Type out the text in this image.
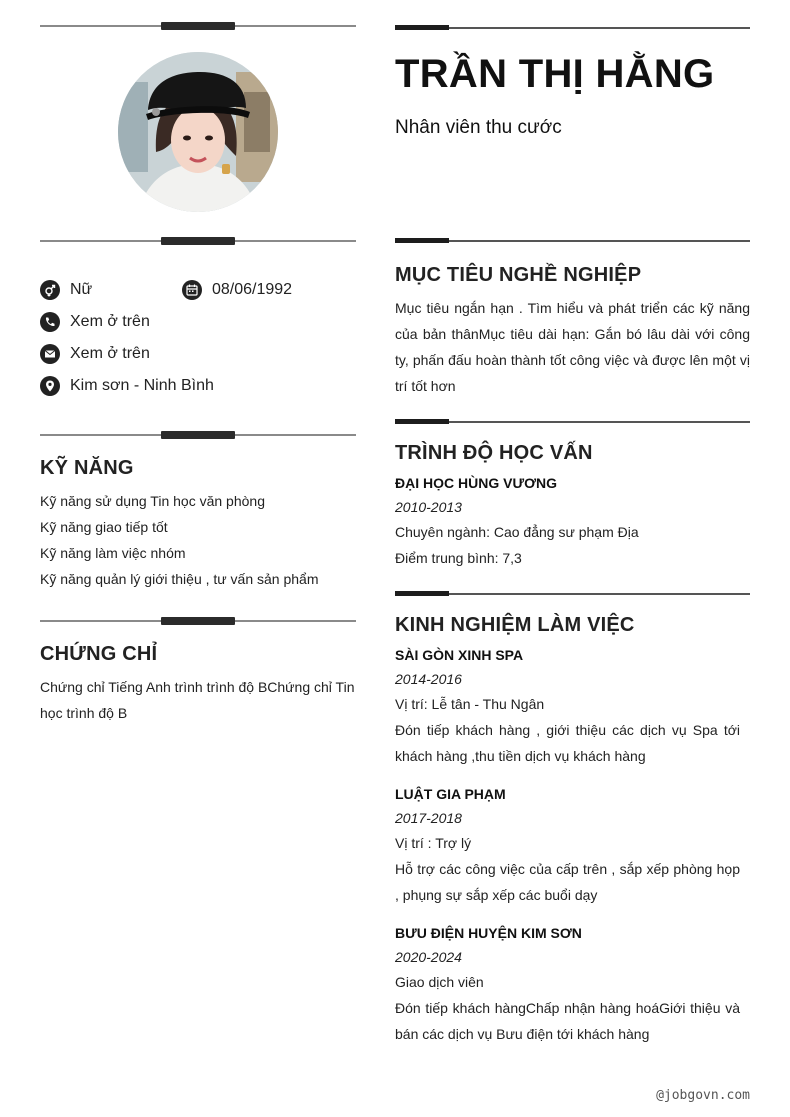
Nữ	08/06/1992
Xem ở trên
Xem ở trên
Kim sơn - Ninh Bình
KỸ NĂNG
Kỹ năng sử dụng Tin học văn phòng
Kỹ năng giao tiếp tốt
Kỹ năng làm việc nhóm
Kỹ năng quản lý giới thiệu , tư vấn sản phẩm
CHỨNG CHỈ
Chứng chỉ Tiếng Anh trình trình độ BChứng chỉ Tin học trình độ B
TRẦN THỊ HẰNG
Nhân viên thu cước
MỤC TIÊU NGHỀ NGHIỆP
Mục tiêu ngắn hạn . Tìm hiểu và phát triển các kỹ năng của bản thânMục tiêu dài hạn: Gắn bó lâu dài với công ty, phấn đấu hoàn thành tốt công việc và được lên một vị trí tốt hơn
TRÌNH ĐỘ HỌC VẤN
ĐẠI HỌC HÙNG VƯƠNG
2010-2013
Chuyên ngành: Cao đẳng sư phạm Địa
Điểm trung bình: 7,3
KINH NGHIỆM LÀM VIỆC
SÀI GÒN XINH SPA
2014-2016
Vị trí: Lễ tân - Thu Ngân
Đón tiếp khách hàng , giới thiệu các dịch vụ Spa tới khách hàng ,thu tiền dịch vụ khách hàng
LUẬT GIA PHẠM
2017-2018
Vị trí : Trợ lý
Hỗ trợ các công việc của cấp trên , sắp xếp phòng họp , phụng sự sắp xếp các buổi dạy
BƯU ĐIỆN HUYỆN KIM SƠN
2020-2024
Giao dịch viên
Đón tiếp khách hàngChấp nhận hàng hoáGiới thiệu và bán các dịch vụ Bưu điện tới khách hàng
@jobgovn.com
